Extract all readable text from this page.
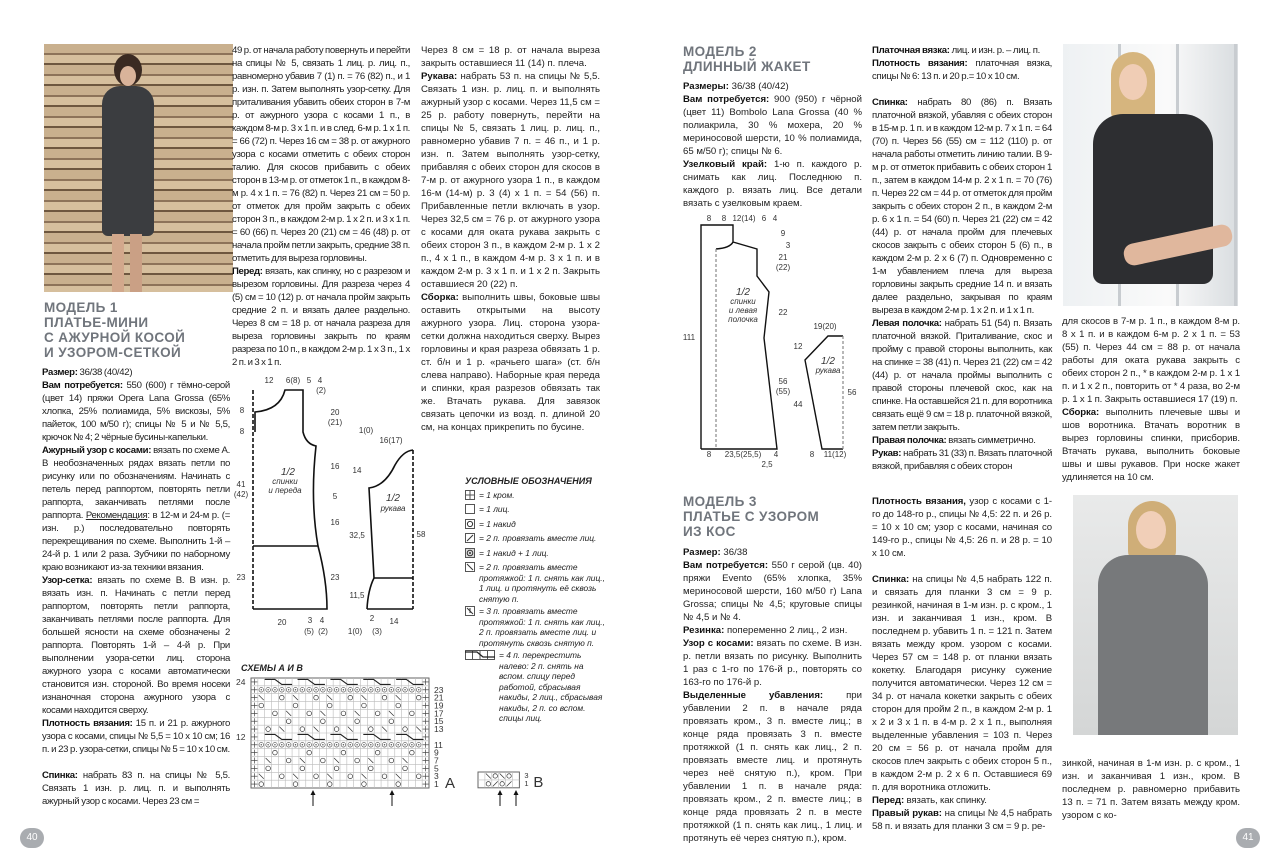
МОДЕЛЬ 1
ПЛАТЬЕ-МИНИ
С АЖУРНОЙ КОСОЙ
И УЗОРОМ-СЕТКОЙ
МОДЕЛЬ 2
ДЛИННЫЙ ЖАКЕТ
МОДЕЛЬ 3
ПЛАТЬЕ С УЗОРОМ
ИЗ КОС

Размер: 36/38 (40/42)

Вам потребуется: 550 (600) г тёмно-серой (цвет 14) пряжи Opera Lana Grossa (65% хлопка, 25% полиамида, 5% вискозы, 5% пайеток, 100 м/50 г); спицы № 5 и № 5,5, крючок № 4; 2 чёрные бусины-капельки.

Ажурный узор с косами: вязать по схеме А. В необозначенных рядах вязать петли по рисунку или по обозначениям. Начинать с петель перед раппортом, повторять петли раппорта, заканчивать петлями после раппорта. Рекомендация: в 12-м и 24-м р. (= изн. р.) последовательно повторять перекрещивания по схеме. Выполнить 1-й – 24-й р. 1 или 2 раза. Зубчики по наборному краю возникают из-за техники вязания.

Узор-сетка: вязать по схеме В. В изн. р. вязать изн. п. Начинать с петли перед раппортом, повторять петли раппорта, заканчивать петлями после раппорта. Для большей ясности на схеме обозначены 2 раппорта. Повторять 1-й – 4-й р. При выполнении узора-сетки лиц. сторона ажурного узора с косами автоматически становится изн. стороной. Во время носеки изнаночная сторона ажурного узора с косами находится сверху.

Плотность вязания: 15 п. и 21 р. ажурного узора с косами, спицы № 5,5 = 10 х 10 см; 16 п. и 23 р. узора-сетки, спицы № 5 = 10 х 10 см.

Спинка: набрать 83 п. на спицы № 5,5. Связать 1 изн. р. лиц. п. и выполнять ажурный узор с косами. Через 23 см =

49 р. от начала работу повернуть и перейти на спицы № 5, связать 1 лиц. р. лиц. п., равномерно убавив 7 (1) п. = 76 (82) п., и 1 р. изн. п. Затем выполнять узор-сетку. Для приталивания убавить обеих сторон в 7-м р. от ажурного узора с косами 1 п., в каждом 8-м р. 3 х 1 п. и в след. 6-м р. 1 х 1 п. = 66 (72) п. Через 16 см = 38 р. от ажурного узора с косами отметить с обеих сторон талию. Для скосов прибавить с обеих сторон в 13-м р. от отметок 1 п., в каждом 8-м р. 4 х 1 п. = 76 (82) п. Через 21 см = 50 р. от отметок для пройм закрыть с обеих сторон 3 п., в каждом 2-м р. 1 х 2 п. и 3 х 1 п. = 60 (66) п. Через 20 (21) см = 46 (48) р. от начала пройм петли закрыть, средние 38 п. отметить для выреза горловины.

Перед: вязать, как спинку, но с разрезом и вырезом горловины. Для разреза через 4 (5) см = 10 (12) р. от начала пройм закрыть средние 2 п. и вязать далее раздельно. Через 8 см = 18 р. от начала разреза для выреза горловины закрыть по краям разреза по 10 п., в каждом 2-м р. 1 х 3 п., 1 х 2 п. и 3 х 1 п.

Через 8 см = 18 р. от начала выреза закрыть оставшиеся 11 (14) п. плеча.

Рукава: набрать 53 п. на спицы № 5,5. Связать 1 изн. р. лиц. п. и выполнять ажурный узор с косами. Через 11,5 см = 25 р. работу повернуть, перейти на спицы № 5, связать 1 лиц. р. лиц. п., равномерно убавив 7 п. = 46 п., и 1 р. изн. п. Затем выполнять узор-сетку, прибавляя с обеих сторон для скосов в 7-м р. от ажурного узора 1 п., в каждом 16-м (14-м) р. 3 (4) х 1 п. = 54 (56) п. Прибавленные петли включать в узор. Через 32,5 см = 76 р. от ажурного узора с косами для оката рукава закрыть с обеих сторон 3 п., в каждом 2-м р. 1 х 2 п., 4 х 1 п., в каждом 4-м р. 3 х 1 п. и в каждом 2-м р. 3 х 1 п. и 1 х 2 п. Закрыть оставшиеся 20 (22) п.

Сборка: выполнить швы, боковые швы оставить открытыми на высоту ажурного узора. Лиц. сторона узора-сетки должна находиться сверху. Вырез горловины и края разреза обвязать 1 р. ст. б/н и 1 р. «рачьего шага» (ст. б/н слева направо). Наборные края переда и спинки, края разрезов обвязать так же. Втачать рукава. Для завязок связать цепочки из возд. п. длиной 20 см, на концах прикрепить по бусине.

Размеры: 36/38 (40/42)

Вам потребуется: 900 (950) г чёрной (цвет 11) Bombolo Lana Grossa (40 % полиакрила, 30 % мохера, 20 % мериносовой шерсти, 10 % полиамида, 65 м/50 г); спицы № 6.

Узелковый край: 1-ю п. каждого р. снимать как лиц. Последнюю п. каждого р. вязать лиц. Все детали вязать с узелковым краем.

Платочная вязка: лиц. и изн. р. – лиц. п.

Плотность вязания: платочная вязка, спицы № 6: 13 п. и 20 р.= 10 х 10 см.

Спинка: набрать 80 (86) п. Вязать платочной вязкой, убавляя с обеих сторон в 15-м р. 1 п. и в каждом 12-м р. 7 х 1 п. = 64 (70) п. Через 56 (55) см = 112 (110) р. от начала работы отметить линию талии. В 9-м р. от отметок прибавить с обеих сторон 1 п., затем в каждом 14-м р. 2 х 1 п. = 70 (76) п. Через 22 см = 44 р. от отметок для пройм закрыть с обеих сторон 2 п., в каждом 2-м р. 6 х 1 п. = 54 (60) п. Через 21 (22) см = 42 (44) р. от начала пройм для плечевых скосов закрыть с обеих сторон 5 (6) п., в каждом 2-м р. 2 х 6 (7) п. Одновременно с 1-м убавлением плеча для выреза горловины закрыть средние 14 п. и вязать далее раздельно, закрывая по краям выреза в каждом 2-м р. 1 х 2 п. и 1 х 1 п.

Левая полочка: набрать 51 (54) п. Вязать платочной вязкой. Приталивание, скос и пройму с правой стороны выполнить, как на спинке = 38 (41) п. Через 21 (22) см = 42 (44) р. от начала проймы выполнить с правой стороны плечевой скос, как на спинке. На оставшейся 21 п. для воротника связать ещё 9 см = 18 р. платочной вязкой, затем петли закрыть.

Правая полочка: вязать симметрично.

Рукав: набрать 31 (33) п. Вязать платочной вязкой, прибавляя с обеих сторон

для скосов в 7-м р. 1 п., в каждом 8-м р. 8 х 1 п. и в каждом 6-м р. 2 х 1 п. = 53 (55) п. Через 44 см = 88 р. от начала работы для оката рукава закрыть с обеих сторон 2 п., * в каждом 2-м р. 1 х 1 п. и 1 х 2 п., повторить от * 4 раза, во 2-м р. 1 х 1 п. Закрыть оставшиеся 17 (19) п.

Сборка: выполнить плечевые швы и шов воротника. Втачать воротник в вырез горловины спинки, присборив. Втачать рукава, выполнить боковые швы и швы рукавов. При носке жакет удлиняется на 10 см.

Размер: 36/38

Вам потребуется: 550 г серой (цв. 40) пряжи Evento (65% хлопка, 35% мериносовой шерсти, 160 м/50 г) Lana Grossa; спицы № 4,5; круговые спицы № 4,5 и № 4.

Резинка: попеременно 2 лиц., 2 изн.

Узор с косами: вязать по схеме. В изн. р. петли вязать по рисунку. Выполнить 1 раз с 1-го по 176-й р., повторять со 163-го по 176-й р.

Выделенные убавления: при убавлении 2 п. в начале ряда провязать кром., 3 п. вместе лиц.; в конце ряда провязать 3 п. вместе протяжкой (1 п. снять как лиц., 2 п. провязать вместе лиц. и протянуть через неё снятую п.), кром. При убавлении 1 п. в начале ряда: провязать кром., 2 п. вместе лиц.; в конце ряда провязать 2 п. в месте протяжкой (1 п. снять как лиц., 1 лиц. и протянуть её через снятую п.), кром.

Плотность вязания, узор с косами с 1-го до 148-го р., спицы № 4,5: 22 п. и 26 р. = 10 х 10 см; узор с косами, начиная со 149-го р., спицы № 4,5: 26 п. и 28 р. = 10 х 10 см.

Спинка: на спицы № 4,5 набрать 122 п. и связать для планки 3 см = 9 р. резинкой, начиная в 1-м изн. р. с кром., 1 изн. и заканчивая 1 изн., кром. В последнем р. убавить 1 п. = 121 п. Затем вязать между кром. узором с косами. Через 57 см = 148 р. от планки вязать кокетку. Благодаря рисунку сужение получится автоматически. Через 12 см = 34 р. от начала кокетки закрыть с обеих сторон для пройм 2 п., в каждом 2-м р. 1 х 2 и 3 х 1 п. в 4-м р. 2 х 1 п., выполняя выделенные убавления = 103 п. Через 20 см = 56 р. от начала пройм для скосов плеч закрыть с обеих сторон 5 п., в каждом 2-м р. 2 х 6 п. Оставшиеся 69 п. для воротника отложить.

Перед: вязать, как спинку.

Правый рукав: на спицы № 4,5 набрать 58 п. и вязать для планки 3 см = 9 р. ре-

зинкой, начиная в 1-м изн. р. с кром., 1 изн. и заканчивая 1 изн., кром. В последнем р. равномерно прибавить 13 п. = 71 п. Затем вязать между кром. узором с ко-

12 6(8) 5 4
(2)
8
8
20
(21)
41
(42)
16
5
16
23
23
20	3 4
(5) (2)
1/2
спинки
и переда
1(0)
16(17)
14
32,5
11,5
58
1/2
рукава
2 14
1(0) (3)
8 8 12(14) 6 4
9
3
21
(22)
22
56
(55)
111
12
44
56
19(20)
1/2
спинки
и левая
полочка
1/2
рукава
8 23,5(25,5) 4
2,5
8 11(12)
УСЛОВНЫЕ ОБОЗНАЧЕНИЯ
= 1 кром.
= 1 лиц.
= 1 накид
= 2 п. провязать вместе лиц.
= 1 накид + 1 лиц.
= 2 п. провязать вместе протяжкой: 1 п. снять как лиц., 1 лиц. и протянуть её сквозь снятую п.
= 3 п. провязать вместе протяжкой: 1 п. снять как лиц., 2 п. провязать вместе лиц. и протянуть сквозь снятую п.
= 4 п. перекрестить налево: 2 п. снять на вспом. спицу перед работой, сбрасывая накиды, 2 лиц., сбрасывая накиды, 2 п. со вспом. спицы лиц.
СХЕМЫ А И В
23
21
19
17
15
13
11
9
7
5
3
1
24
12
A	3
1 B
40	41
